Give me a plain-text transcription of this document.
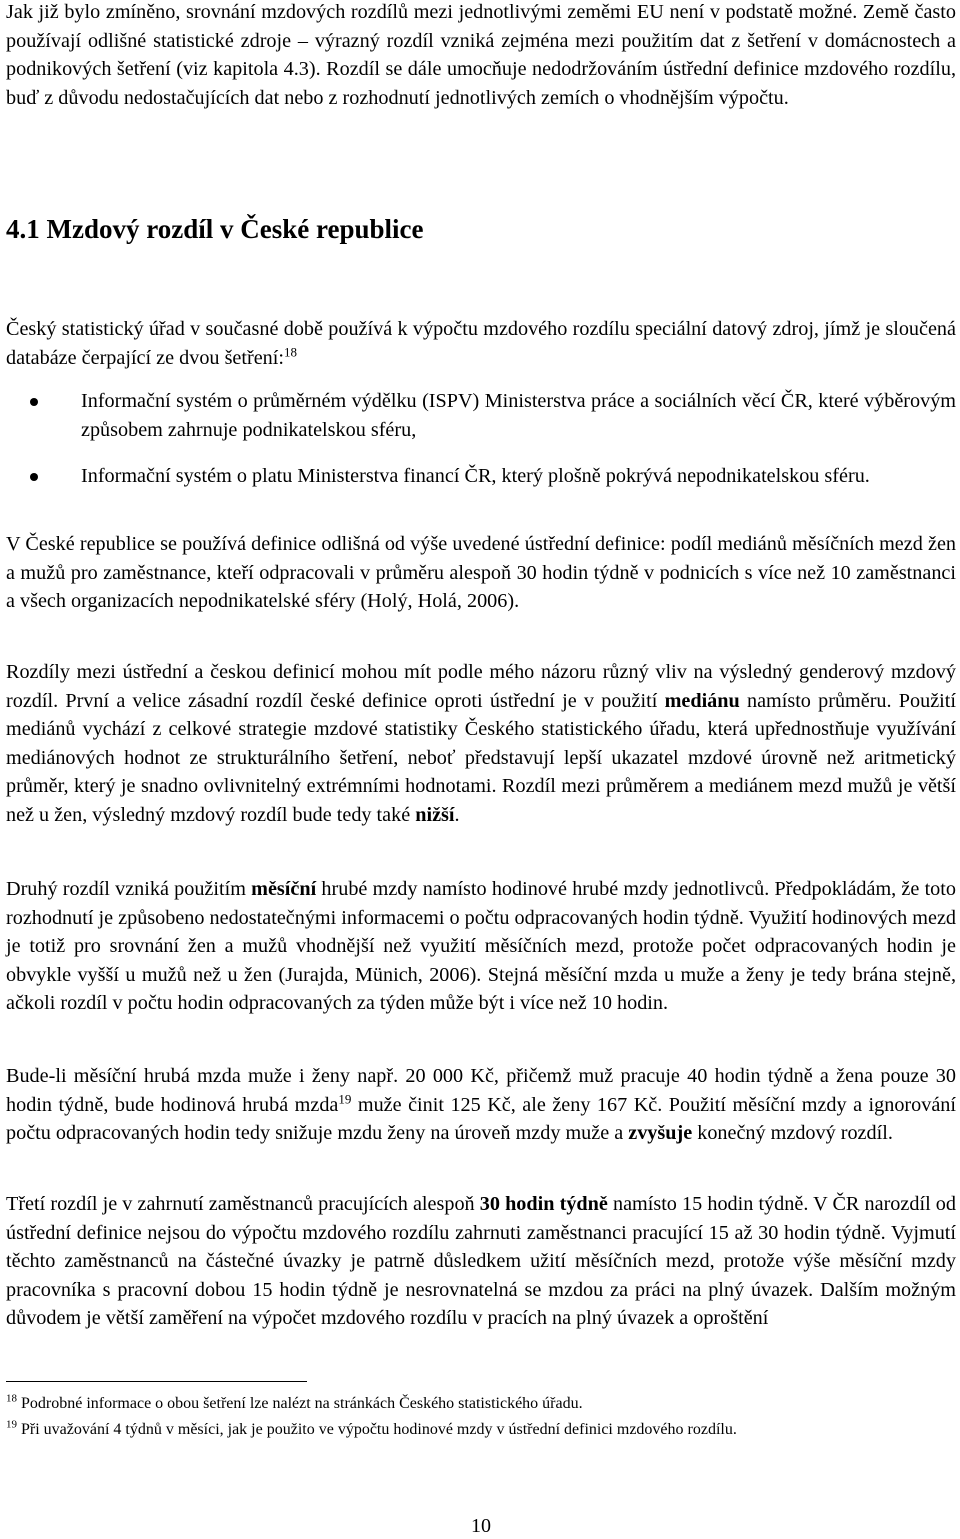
Jak již bylo zmíněno, srovnání mzdových rozdílů mezi jednotlivými zeměmi EU není v podstatě možné. Země často používají odlišné statistické zdroje – výrazný rozdíl vzniká zejména mezi použitím dat z šetření v domácnostech a podnikových šetření (viz kapitola 4.3). Rozdíl se dále umocňuje nedodržováním ústřední definice mzdového rozdílu, buď z důvodu nedostačujících dat nebo z rozhodnutí jednotlivých zemích o vhodnějším výpočtu.

4.1 Mzdový rozdíl v České republice

Český statistický úřad v současné době používá k výpočtu mzdového rozdílu speciální datový zdroj, jímž je sloučená databáze čerpající ze dvou šetření:$^{18}$

Informační systém o průměrném výdělku (ISPV) Ministerstva práce a sociálních věcí ČR, které výběrovým způsobem zahrnuje podnikatelskou sféru,
Informační systém o platu Ministerstva financí ČR, který plošně pokrývá nepodnikatelskou sféru.

V České republice se používá definice odlišná od výše uvedené ústřední definice: podíl mediánů měsíčních mezd žen a mužů pro zaměstnance, kteří odpracovali v průměru alespoň 30 hodin týdně v podnicích s více než 10 zaměstnanci a všech organizacích nepodnikatelské sféry (Holý, Holá, 2006).

Rozdíly mezi ústřední a českou definicí mohou mít podle mého názoru různý vliv na výsledný genderový mzdový rozdíl. První a velice zásadní rozdíl české definice oproti ústřední je v použití mediánu namísto průměru. Použití mediánů vychází z celkové strategie mzdové statistiky Českého statistického úřadu, která upřednostňuje využívání mediánových hodnot ze strukturálního šetření, neboť představují lepší ukazatel mzdové úrovně než aritmetický průměr, který je snadno ovlivnitelný extrémními hodnotami. Rozdíl mezi průměrem a mediánem mezd mužů je větší než u žen, výsledný mzdový rozdíl bude tedy také nižší.

Druhý rozdíl vzniká použitím měsíční hrubé mzdy namísto hodinové hrubé mzdy jednotlivců. Předpokládám, že toto rozhodnutí je způsobeno nedostatečnými informacemi o počtu odpracovaných hodin týdně. Využití hodinových mezd je totiž pro srovnání žen a mužů vhodnější než využití měsíčních mezd, protože počet odpracovaných hodin je obvykle vyšší u mužů než u žen (Jurajda, Münich, 2006). Stejná měsíční mzda u muže a ženy je tedy brána stejně, ačkoli rozdíl v počtu hodin odpracovaných za týden může být i více než 10 hodin.

Bude-li měsíční hrubá mzda muže i ženy např. 20 000 Kč, přičemž muž pracuje 40 hodin týdně a žena pouze 30 hodin týdně, bude hodinová hrubá mzda$^{19}$ muže činit 125 Kč, ale ženy 167 Kč. Použití měsíční mzdy a ignorování počtu odpracovaných hodin tedy snižuje mzdu ženy na úroveň mzdy muže a zvyšuje konečný mzdový rozdíl.

Třetí rozdíl je v zahrnutí zaměstnanců pracujících alespoň 30 hodin týdně namísto 15 hodin týdně. V ČR narozdíl od ústřední definice nejsou do výpočtu mzdového rozdílu zahrnuti zaměstnanci pracující 15 až 30 hodin týdně. Vyjmutí těchto zaměstnanců na částečné úvazky je patrně důsledkem užití měsíčních mezd, protože výše měsíční mzdy pracovníka s pracovní dobou 15 hodin týdně je nesrovnatelná se mzdou za práci na plný úvazek. Dalším možným důvodem je větší zaměření na výpočet mzdového rozdílu v pracích na plný úvazek a oproštění

$^{18}$ Podrobné informace o obou šetření lze nalézt na stránkách Českého statistického úřadu.

$^{19}$ Při uvažování 4 týdnů v měsíci, jak je použito ve výpočtu hodinové mzdy v ústřední definici mzdového rozdílu.

10
